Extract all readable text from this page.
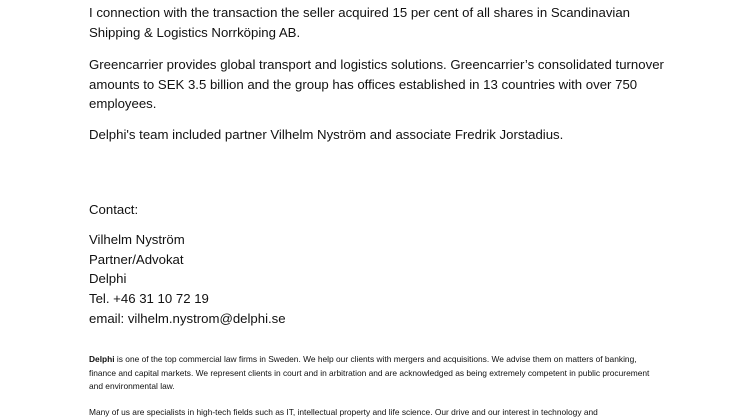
I connection with the transaction the seller acquired 15 per cent of all shares in Scandinavian Shipping & Logistics Norrköping AB.

Greencarrier provides global transport and logistics solutions. Greencarrier’s consolidated turnover amounts to SEK 3.5 billion and the group has offices established in 13 countries with over 750 employees.

Delphi's team included partner Vilhelm Nyström and associate Fredrik Jorstadius.

Contact:

Vilhelm Nyström
Partner/Advokat
Delphi
Tel. +46 31 10 72 19
email: vilhelm.nystrom@delphi.se

Delphi is one of the top commercial law firms in Sweden. We help our clients with mergers and acquisitions. We advise them on matters of banking, finance and capital markets. We represent clients in court and in arbitration and are acknowledged as being extremely competent in public procurement and environmental law.

Many of us are specialists in high-tech fields such as IT, intellectual property and life science. Our drive and our interest in technology and
